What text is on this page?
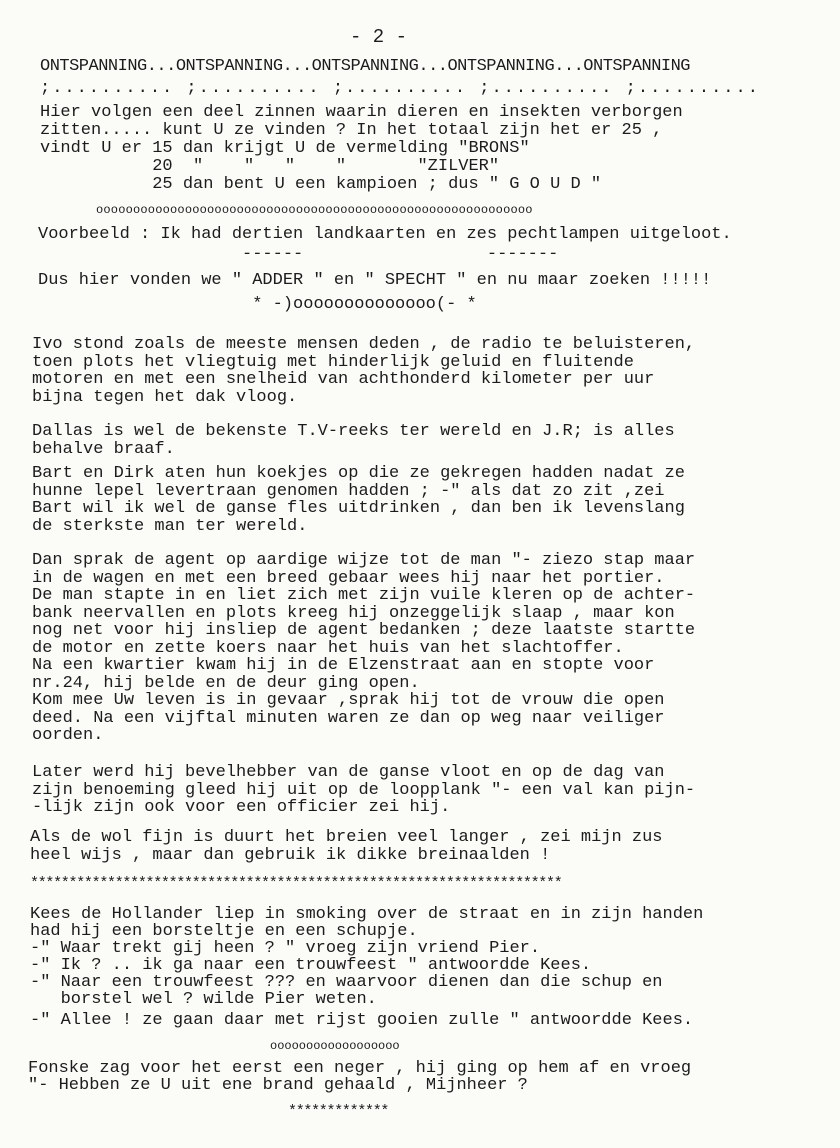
- 2 -
ONTSPANNING...ONTSPANNING...ONTSPANNING...ONTSPANNING...ONTSPANNING
;.......... ;.......... ;.......... ;.......... ;..........
Hier volgen een deel zinnen waarin dieren en insekten verborgen
zitten..... kunt U ze vinden ? In het totaal zijn het er 25 ,
vindt U er 15 dan krijgt U de vermelding "BRONS"
20  "    "   "    "       "ZILVER"
25 dan bent U een kampioen ; dus " G O U D "
ooooooooooooooooooooooooooooooooooooooooooooooooooooooooooo
Voorbeeld : Ik had dertien landkaarten en zes pechtlampen uitgeloot.
------                  -------
Dus hier vonden we " ADDER " en " SPECHT " en nu maar zoeken !!!!!
* -)oooooooooooooo(- *
Ivo stond zoals de meeste mensen deden , de radio te beluisteren,
toen plots het vliegtuig met hinderlijk geluid en fluitende
motoren en met een snelheid van achthonderd kilometer per uur
bijna tegen het dak vloog.
Dallas is wel de bekenste T.V-reeks ter wereld en J.R; is alles
behalve braaf.
Bart en Dirk aten hun koekjes op die ze gekregen hadden nadat ze
hunne lepel levertraan genomen hadden ; -" als dat zo zit ,zei
Bart wil ik wel de ganse fles uitdrinken , dan ben ik levenslang
de sterkste man ter wereld.
Dan sprak de agent op aardige wijze tot de man "- ziezo stap maar
in de wagen en met een breed gebaar wees hij naar het portier.
De man stapte in en liet zich met zijn vuile kleren op de achter-
bank neervallen en plots kreeg hij onzeggelijk slaap , maar kon
nog net voor hij insliep de agent bedanken ; deze laatste startte
de motor en zette koers naar het huis van het slachtoffer.
Na een kwartier kwam hij in de Elzenstraat aan en stopte voor
nr.24, hij belde en de deur ging open.
Kom mee Uw leven is in gevaar ,sprak hij tot de vrouw die open
deed. Na een vijftal minuten waren ze dan op weg naar veiliger
oorden.
Later werd hij bevelhebber van de ganse vloot en op de dag van
zijn benoeming gleed hij uit op de loopplank "- een val kan pijn-
-lijk zijn ook voor een officier zei hij.
Als de wol fijn is duurt het breien veel langer , zei mijn zus
heel wijs , maar dan gebruik ik dikke breinaalden !
*********************************************************************
Kees de Hollander liep in smoking over de straat en in zijn handen
had hij een borsteltje en een schupje.
-" Waar trekt gij heen ? " vroeg zijn vriend Pier.
-" Ik ? .. ik ga naar een trouwfeest " antwoordde Kees.
-" Naar een trouwfeest ??? en waarvoor dienen dan die schup en
borstel wel ? wilde Pier weten.
-" Allee ! ze gaan daar met rijst gooien zulle " antwoordde Kees.
oooooooooooooooooo
Fonske zag voor het eerst een neger , hij ging op hem af en vroeg
"- Hebben ze U uit ene brand gehaald , Mijnheer ?
*************
